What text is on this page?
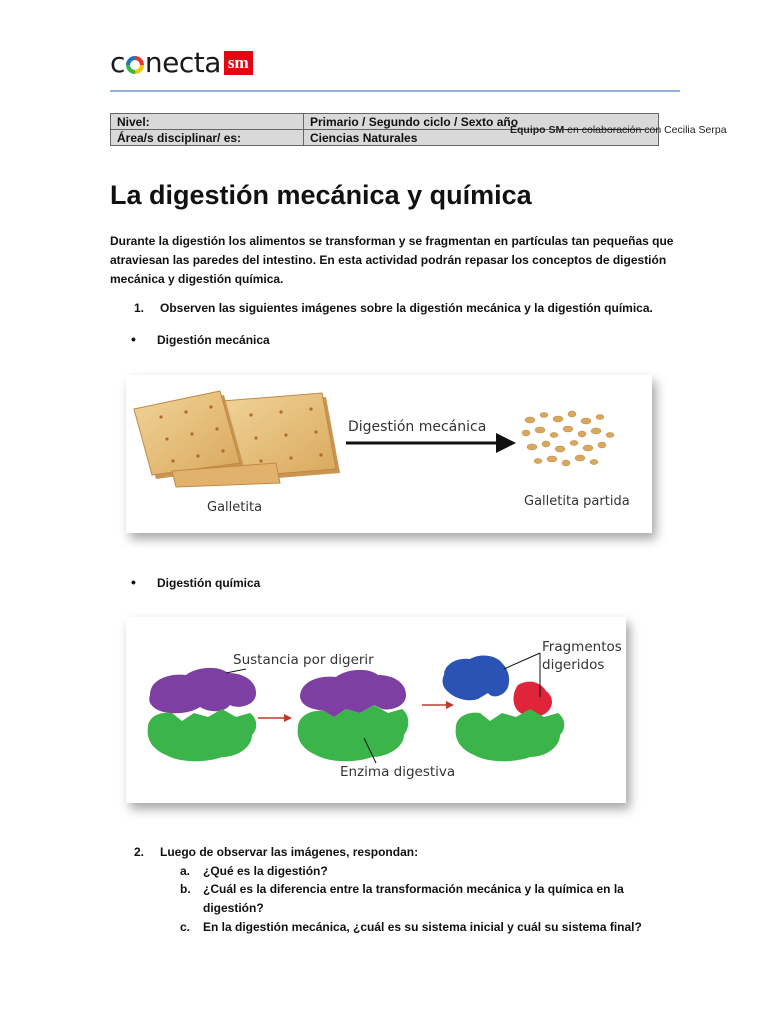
c necta sm
Nivel:	Primario / Segundo ciclo / Sexto año
Área/s disciplinar/ es:	Ciencias Naturales
Equipo SM en colaboración con Cecilia Serpa
La digestión mecánica y química

Durante la digestión los alimentos se transforman y se fragmentan en partículas tan pequeñas que atraviesan las paredes del intestino. En esta actividad podrán repasar los conceptos de digestión mecánica y digestión química.

1. Observen las siguientes imágenes sobre la digestión mecánica y la digestión química.
• Digestión mecánica
Digestión mecánica
Galletita	Galletita partida
• Digestión química
Sustancia por digerir
Fragmentos
digeridos
Enzima digestiva
2. Luego de observar las imágenes, respondan:
a. ¿Qué es la digestión?
b. ¿Cuál es la diferencia entre la transformación mecánica y la química en la
digestión?
c. En la digestión mecánica, ¿cuál es su sistema inicial y cuál su sistema final?
